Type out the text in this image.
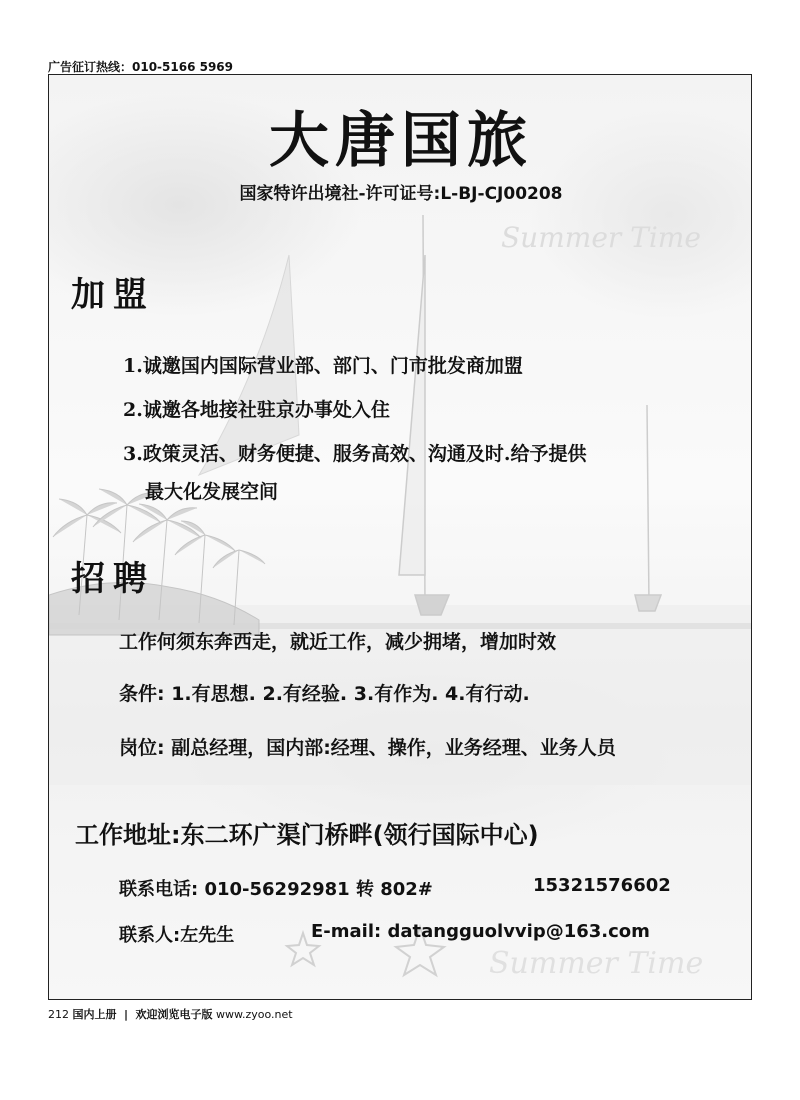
广告征订热线：010-5166 5969
Summer Time
Summer Time
大唐国旅
国家特许出境社-许可证号:L-BJ-CJ00208
加盟
1.诚邀国内国际营业部、部门、门市批发商加盟
2.诚邀各地接社驻京办事处入住
3.政策灵活、财务便捷、服务高效、沟通及时.给予提供
最大化发展空间
招聘
工作何须东奔西走，就近工作，减少拥堵，增加时效
条件: 1.有思想. 2.有经验. 3.有作为. 4.有行动.
岗位: 副总经理，国内部:经理、操作，业务经理、业务人员
工作地址:东二环广渠门桥畔(领行国际中心)
联系电话: 010-56292981 转 802#	15321576602
联系人:左先生	E-mail: datangguolvvip@163.com
212 国内上册 | 欢迎浏览电子版 www.zyoo.net
